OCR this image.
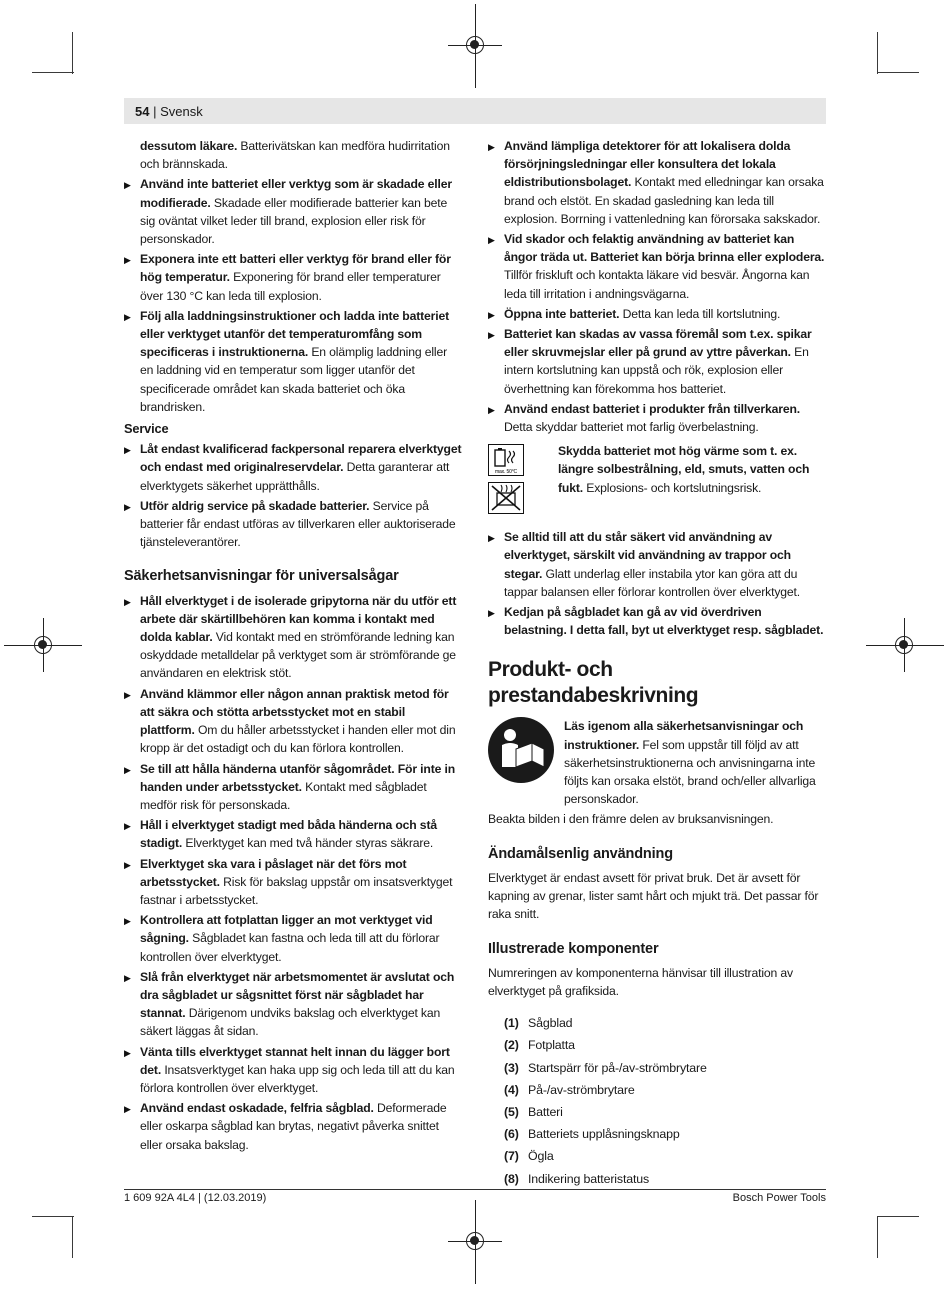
54 | Svensk
dessutom läkare. Batterivätskan kan medföra hudirritation och brännskada.
▶ Använd inte batteriet eller verktyg som är skadade eller modifierade. Skadade eller modifierade batterier kan bete sig oväntat vilket leder till brand, explosion eller risk för personskador.
▶ Exponera inte ett batteri eller verktyg för brand eller för hög temperatur. Exponering för brand eller temperaturer över 130 °C kan leda till explosion.
▶ Följ alla laddningsinstruktioner och ladda inte batteriet eller verktyget utanför det temperaturomfång som specificeras i instruktionerna. En olämplig laddning eller en laddning vid en temperatur som ligger utanför det specificerade området kan skada batteriet och öka brandrisken.
Service
▶ Låt endast kvalificerad fackpersonal reparera elverktyget och endast med originalreservdelar. Detta garanterar att elverktygets säkerhet upprätthålls.
▶ Utför aldrig service på skadade batterier. Service på batterier får endast utföras av tillverkaren eller auktoriserade tjänsteleverantörer.
Säkerhetsanvisningar för universalsågar
▶ Håll elverktyget i de isolerade gripytorna när du utför ett arbete där skärtillbehören kan komma i kontakt med dolda kablar. Vid kontakt med en strömförande ledning kan oskyddade metalldelar på verktyget som är strömförande ge användaren en elektrisk stöt.
▶ Använd klämmor eller någon annan praktisk metod för att säkra och stötta arbetsstycket mot en stabil plattform. Om du håller arbetsstycket i handen eller mot din kropp är det ostadigt och du kan förlora kontrollen.
▶ Se till att hålla händerna utanför sågområdet. För inte in handen under arbetsstycket. Kontakt med sågbladet medför risk för personskada.
▶ Håll i elverktyget stadigt med båda händerna och stå stadigt. Elverktyget kan med två händer styras säkrare.
▶ Elverktyget ska vara i påslaget när det förs mot arbetsstycket. Risk för bakslag uppstår om insatsverktyget fastnar i arbetsstycket.
▶ Kontrollera att fotplattan ligger an mot verktyget vid sågning. Sågbladet kan fastna och leda till att du förlorar kontrollen över elverktyget.
▶ Slå från elverktyget när arbetsmomentet är avslutat och dra sågbladet ur sågsnittet först när sågbladet har stannat. Därigenom undviks bakslag och elverktyget kan säkert läggas åt sidan.
▶ Vänta tills elverktyget stannat helt innan du lägger bort det. Insatsverktyget kan haka upp sig och leda till att du kan förlora kontrollen över elverktyget.
▶ Använd endast oskadade, felfria sågblad. Deformerade eller oskarpa sågblad kan brytas, negativt påverka snittet eller orsaka bakslag.
▶ Använd lämpliga detektorer för att lokalisera dolda försörjningsledningar eller konsultera det lokala eldistributionsbolaget. Kontakt med elledningar kan orsaka brand och elstöt. En skadad gasledning kan leda till explosion. Borrning i vattenledning kan förorsaka sakskador.
▶ Vid skador och felaktig användning av batteriet kan ångor träda ut. Batteriet kan börja brinna eller explodera. Tillför friskluft och kontakta läkare vid besvär. Ångorna kan leda till irritation i andningsvägarna.
▶ Öppna inte batteriet. Detta kan leda till kortslutning.
▶ Batteriet kan skadas av vassa föremål som t.ex. spikar eller skruvmejslar eller på grund av yttre påverkan. En intern kortslutning kan uppstå och rök, explosion eller överhettning kan förekomma hos batteriet.
▶ Använd endast batteriet i produkter från tillverkaren. Detta skyddar batteriet mot farlig överbelastning.
max. 50°C
Skydda batteriet mot hög värme som t. ex. längre solbestrålning, eld, smuts, vatten och fukt. Explosions- och kortslutningsrisk.
▶ Se alltid till att du står säkert vid användning av elverktyget, särskilt vid användning av trappor och stegar. Glatt underlag eller instabila ytor kan göra att du tappar balansen eller förlorar kontrollen över elverktyget.
▶ Kedjan på sågbladet kan gå av vid överdriven belastning. I detta fall, byt ut elverktyget resp. sågbladet.
Produkt- och prestandabeskrivning
Läs igenom alla säkerhetsanvisningar och instruktioner. Fel som uppstår till följd av att säkerhetsinstruktionerna och anvisningarna inte följts kan orsaka elstöt, brand och/eller allvarliga personskador.
Beakta bilden i den främre delen av bruksanvisningen.
Ändamålsenlig användning
Elverktyget är endast avsett för privat bruk. Det är avsett för kapning av grenar, lister samt hårt och mjukt trä. Det passar för raka snitt.
Illustrerade komponenter
Numreringen av komponenterna hänvisar till illustration av elverktyget på grafiksida.
(1) Sågblad
(2) Fotplatta
(3) Startspärr för på-/av-strömbrytare
(4) På-/av-strömbrytare
(5) Batteri
(6) Batteriets upplåsningsknapp
(7) Ögla
(8) Indikering batteristatus
1 609 92A 4L4 | (12.03.2019)	Bosch Power Tools
